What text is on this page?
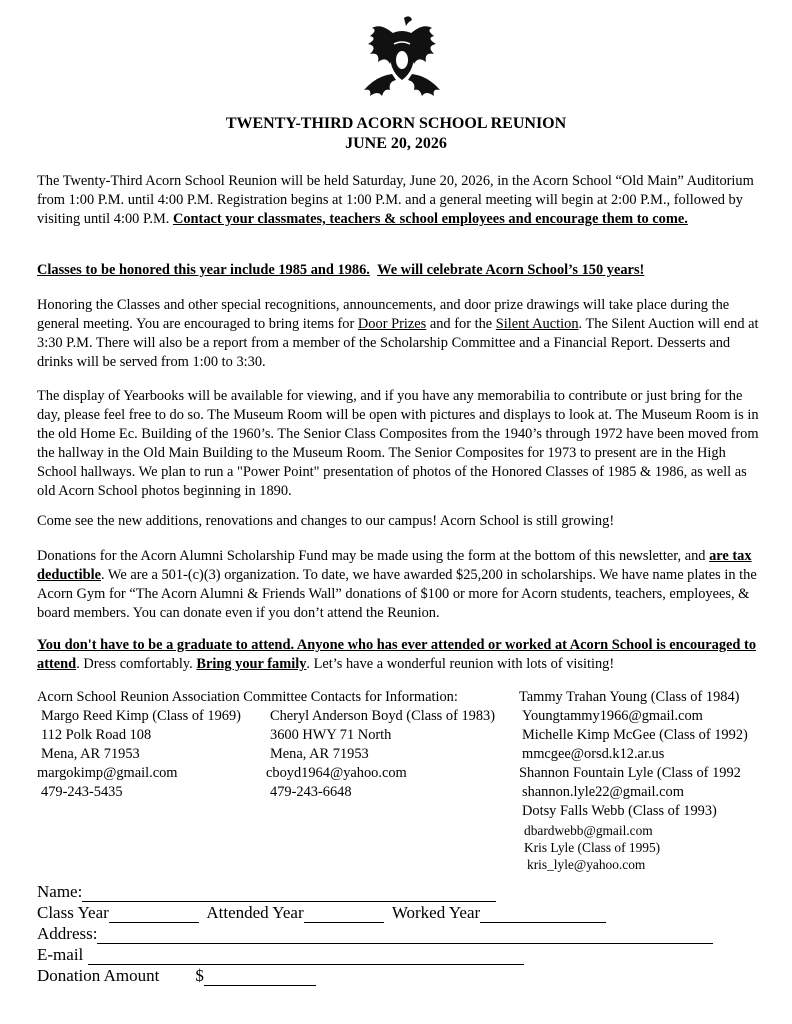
TWENTY-THIRD ACORN SCHOOL REUNION
JUNE 20, 2026

The Twenty-Third Acorn School Reunion will be held Saturday, June 20, 2026, in the Acorn School “Old Main” Auditorium from 1:00 P.M. until 4:00 P.M. Registration begins at 1:00 P.M. and a general meeting will begin at 2:00 P.M., followed by visiting until 4:00 P.M. Contact your classmates, teachers & school employees and encourage them to come.

Classes to be honored this year include 1985 and 1986. We will celebrate Acorn School’s 150 years!

Honoring the Classes and other special recognitions, announcements, and door prize drawings will take place during the general meeting. You are encouraged to bring items for Door Prizes and for the Silent Auction. The Silent Auction will end at 3:30 P.M. There will also be a report from a member of the Scholarship Committee and a Financial Report. Desserts and drinks will be served from 1:00 to 3:30.

The display of Yearbooks will be available for viewing, and if you have any memorabilia to contribute or just bring for the day, please feel free to do so. The Museum Room will be open with pictures and displays to look at. The Museum Room is in the old Home Ec. Building of the 1960’s. The Senior Class Composites from the 1940’s through 1972 have been moved from the hallway in the Old Main Building to the Museum Room. The Senior Composites for 1973 to present are in the High School hallways. We plan to run a "Power Point" presentation of photos of the Honored Classes of 1985 & 1986, as well as old Acorn School photos beginning in 1890.

Come see the new additions, renovations and changes to our campus! Acorn School is still growing!

Donations for the Acorn Alumni Scholarship Fund may be made using the form at the bottom of this newsletter, and are tax deductible. We are a 501-(c)(3) organization. To date, we have awarded $25,200 in scholarships. We have name plates in the Acorn Gym for “The Acorn Alumni & Friends Wall” donations of $100 or more for Acorn students, teachers, employees, & board members. You can donate even if you don’t attend the Reunion.

You don't have to be a graduate to attend. Anyone who has ever attended or worked at Acorn School is encouraged to attend. Dress comfortably. Bring your family. Let’s have a wonderful reunion with lots of visiting!

Acorn School Reunion Association Committee Contacts for Information:
Margo Reed Kimp (Class of 1969)
112 Polk Road 108
Mena, AR 71953
margokimp@gmail.com
479-243-5435
Cheryl Anderson Boyd (Class of 1983)
3600 HWY 71 North
Mena, AR 71953
cboyd1964@yahoo.com
479-243-6648
Tammy Trahan Young (Class of 1984)
Youngtammy1966@gmail.com
Michelle Kimp McGee (Class of 1992)
mmcgee@orsd.k12.ar.us
Shannon Fountain Lyle (Class of 1992
shannon.lyle22@gmail.com
Dotsy Falls Webb (Class of 1993)
dbardwebb@gmail.com
Kris Lyle (Class of 1995)
kris_lyle@yahoo.com
Name:
Class Year	Attended Year	Worked Year
Address:
E-mail
Donation Amount $
